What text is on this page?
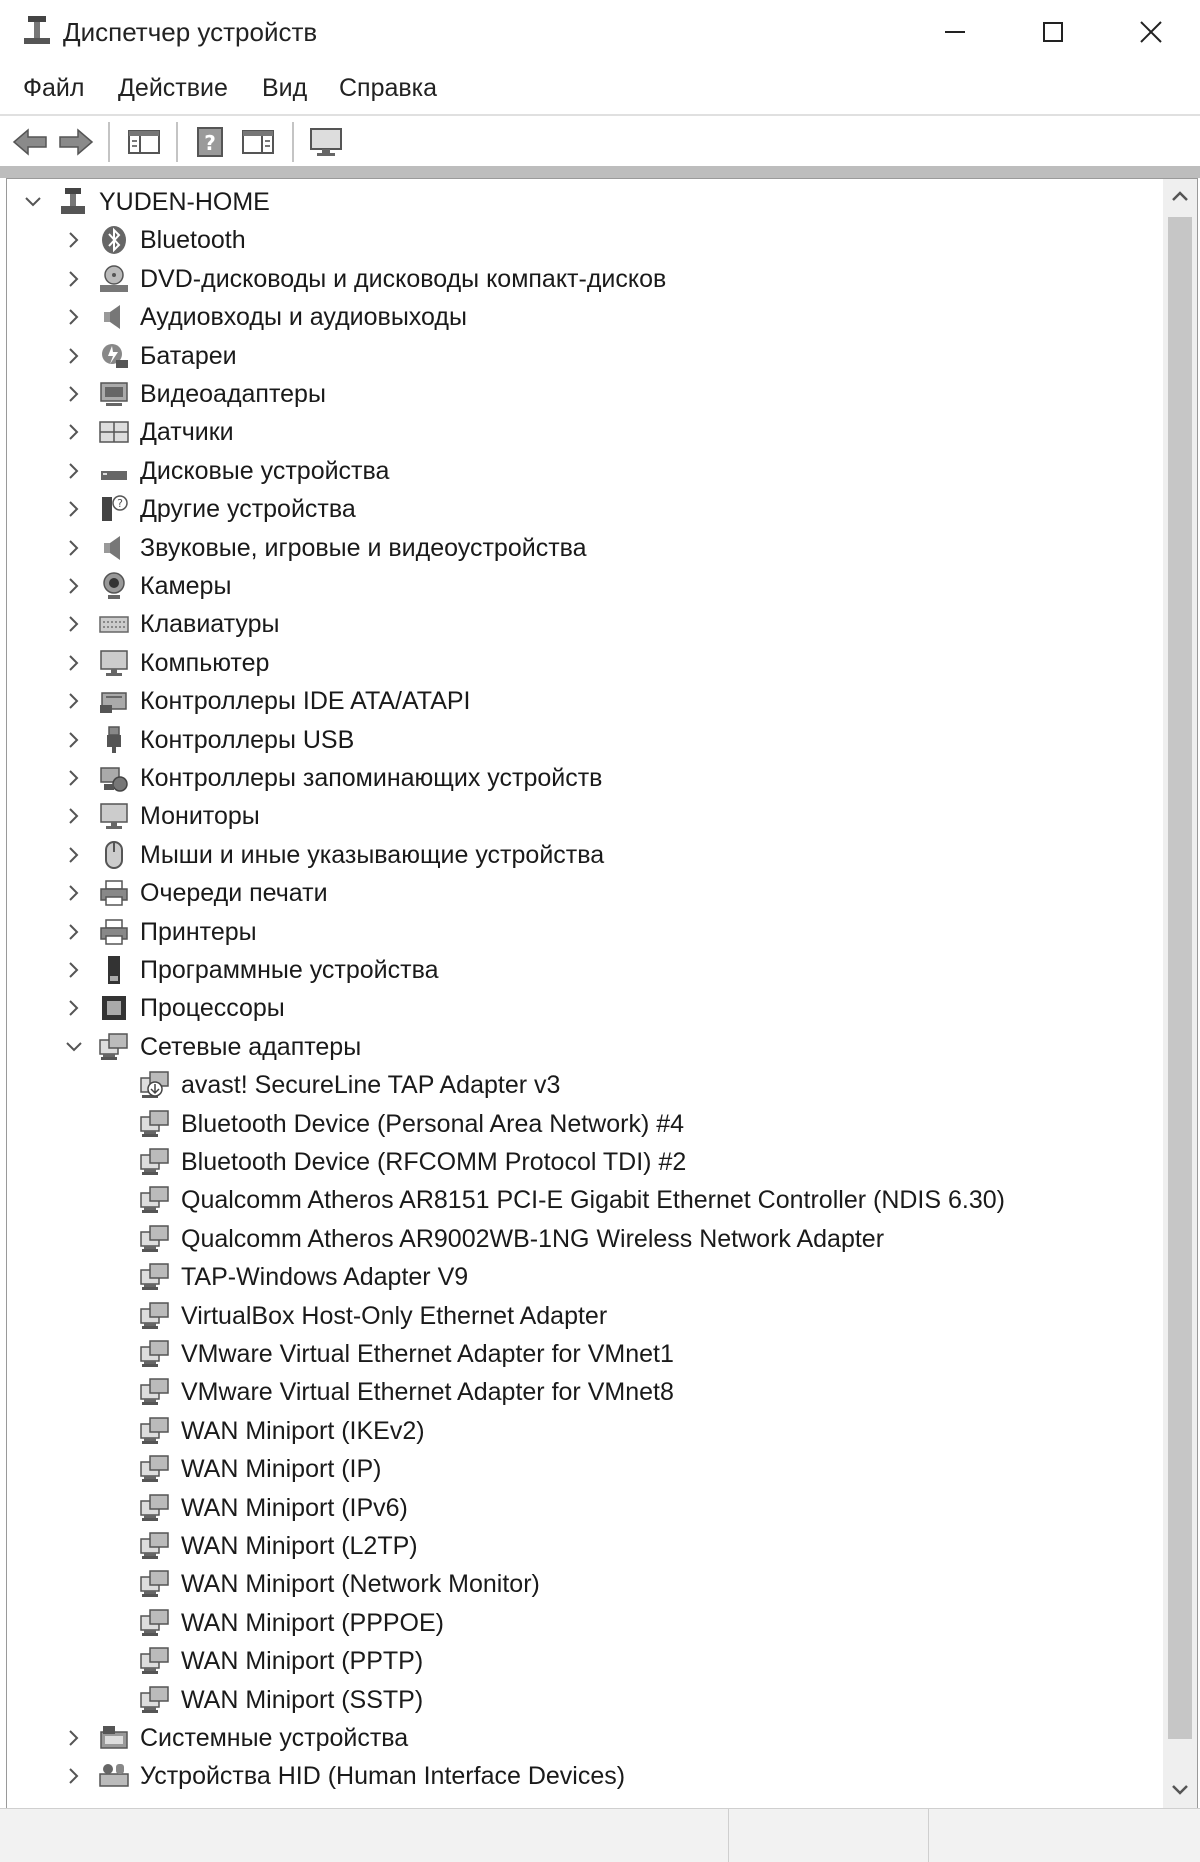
Диспетчер устройств
Файл Действие Вид Справка
?
YUDEN-HOME
Bluetooth
DVD-дисководы и дисководы компакт-дисков
Аудиовходы и аудиовыходы
Батареи
Видеоадаптеры
Датчики
Дисковые устройства
? Другие устройства
Звуковые, игровые и видеоустройства
Камеры
Клавиатуры
Компьютер
Контроллеры IDE ATA/ATAPI
Контроллеры USB
Контроллеры запоминающих устройств
Мониторы
Мыши и иные указывающие устройства
Очереди печати
Принтеры
Программные устройства
Процессоры
Сетевые адаптеры
avast! SecureLine TAP Adapter v3
Bluetooth Device (Personal Area Network) #4
Bluetooth Device (RFCOMM Protocol TDI) #2
Qualcomm Atheros AR8151 PCI-E Gigabit Ethernet Controller (NDIS 6.30)
Qualcomm Atheros AR9002WB-1NG Wireless Network Adapter
TAP-Windows Adapter V9
VirtualBox Host-Only Ethernet Adapter
VMware Virtual Ethernet Adapter for VMnet1
VMware Virtual Ethernet Adapter for VMnet8
WAN Miniport (IKEv2)
WAN Miniport (IP)
WAN Miniport (IPv6)
WAN Miniport (L2TP)
WAN Miniport (Network Monitor)
WAN Miniport (PPPOE)
WAN Miniport (PPTP)
WAN Miniport (SSTP)
Системные устройства
Устройства HID (Human Interface Devices)
